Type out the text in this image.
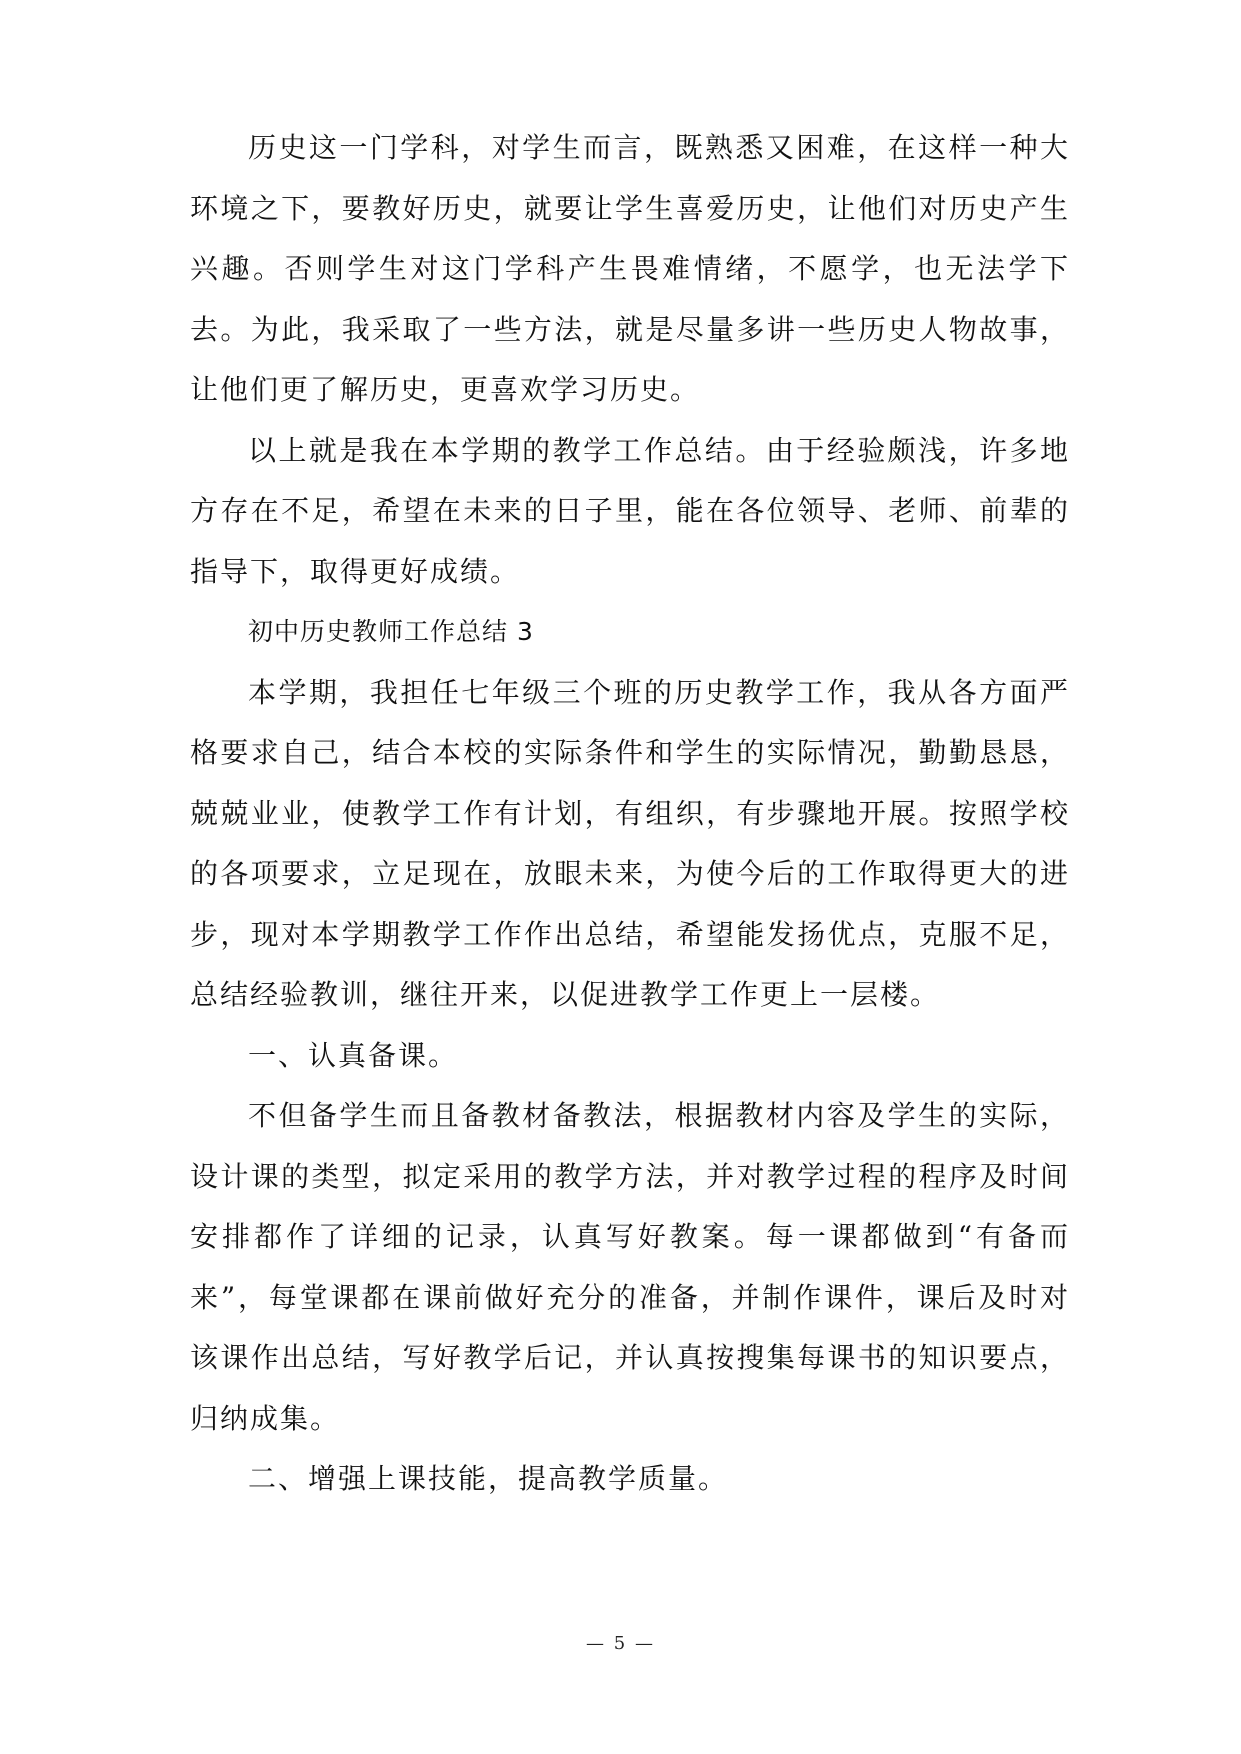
历史这一门学科，对学生而言，既熟悉又困难，在这样一种大环境之下，要教好历史，就要让学生喜爱历史，让他们对历史产生兴趣。否则学生对这门学科产生畏难情绪，不愿学，也无法学下去。为此，我采取了一些方法，就是尽量多讲一些历史人物故事，让他们更了解历史，更喜欢学习历史。

以上就是我在本学期的教学工作总结。由于经验颇浅，许多地方存在不足，希望在未来的日子里，能在各位领导、老师、前辈的指导下，取得更好成绩。

初中历史教师工作总结 3

本学期，我担任七年级三个班的历史教学工作，我从各方面严格要求自己，结合本校的实际条件和学生的实际情况，勤勤恳恳，兢兢业业，使教学工作有计划，有组织，有步骤地开展。按照学校的各项要求，立足现在，放眼未来，为使今后的工作取得更大的进步，现对本学期教学工作作出总结，希望能发扬优点，克服不足，总结经验教训，继往开来，以促进教学工作更上一层楼。

一、认真备课。

不但备学生而且备教材备教法，根据教材内容及学生的实际，设计课的类型，拟定采用的教学方法，并对教学过程的程序及时间安排都作了详细的记录，认真写好教案。每一课都做到“有备而来”，每堂课都在课前做好充分的准备，并制作课件，课后及时对该课作出总结，写好教学后记，并认真按搜集每课书的知识要点，归纳成集。

二、增强上课技能，提高教学质量。

— 5 —
